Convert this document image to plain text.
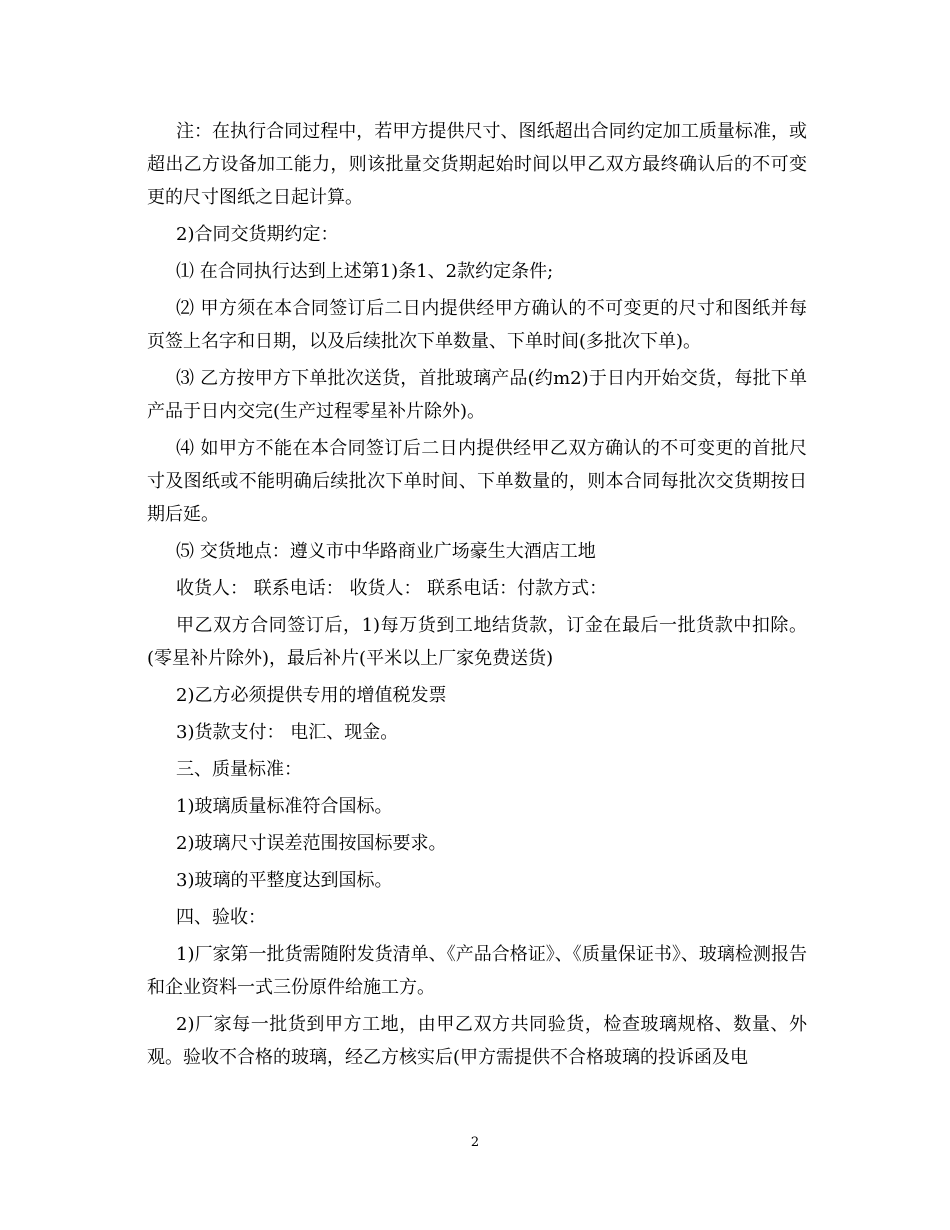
注：在执行合同过程中，若甲方提供尺寸、图纸超出合同约定加工质量标准，或超出乙方设备加工能力，则该批量交货期起始时间以甲乙双方最终确认后的不可变更的尺寸图纸之日起计算。

2)合同交货期约定：

⑴ 在合同执行达到上述第1)条1、2款约定条件;

⑵ 甲方须在本合同签订后二日内提供经甲方确认的不可变更的尺寸和图纸并每页签上名字和日期，以及后续批次下单数量、下单时间(多批次下单)。

⑶ 乙方按甲方下单批次送货，首批玻璃产品(约m2)于日内开始交货，每批下单产品于日内交完(生产过程零星补片除外)。

⑷ 如甲方不能在本合同签订后二日内提供经甲乙双方确认的不可变更的首批尺寸及图纸或不能明确后续批次下单时间、下单数量的，则本合同每批次交货期按日期后延。

⑸ 交货地点：遵义市中华路商业广场豪生大酒店工地

收货人： 联系电话： 收货人： 联系电话：付款方式：

甲乙双方合同签订后，1)每万货到工地结货款，订金在最后一批货款中扣除。(零星补片除外)，最后补片(平米以上厂家免费送货)

2)乙方必须提供专用的增值税发票

3)货款支付： 电汇、现金。

三、质量标准：

1)玻璃质量标准符合国标。

2)玻璃尺寸误差范围按国标要求。

3)玻璃的平整度达到国标。

四、验收：

1)厂家第一批货需随附发货清单、《产品合格证》、《质量保证书》、玻璃检测报告和企业资料一式三份原件给施工方。

2)厂家每一批货到甲方工地，由甲乙双方共同验货，检查玻璃规格、数量、外观。验收不合格的玻璃，经乙方核实后(甲方需提供不合格玻璃的投诉函及电

2
